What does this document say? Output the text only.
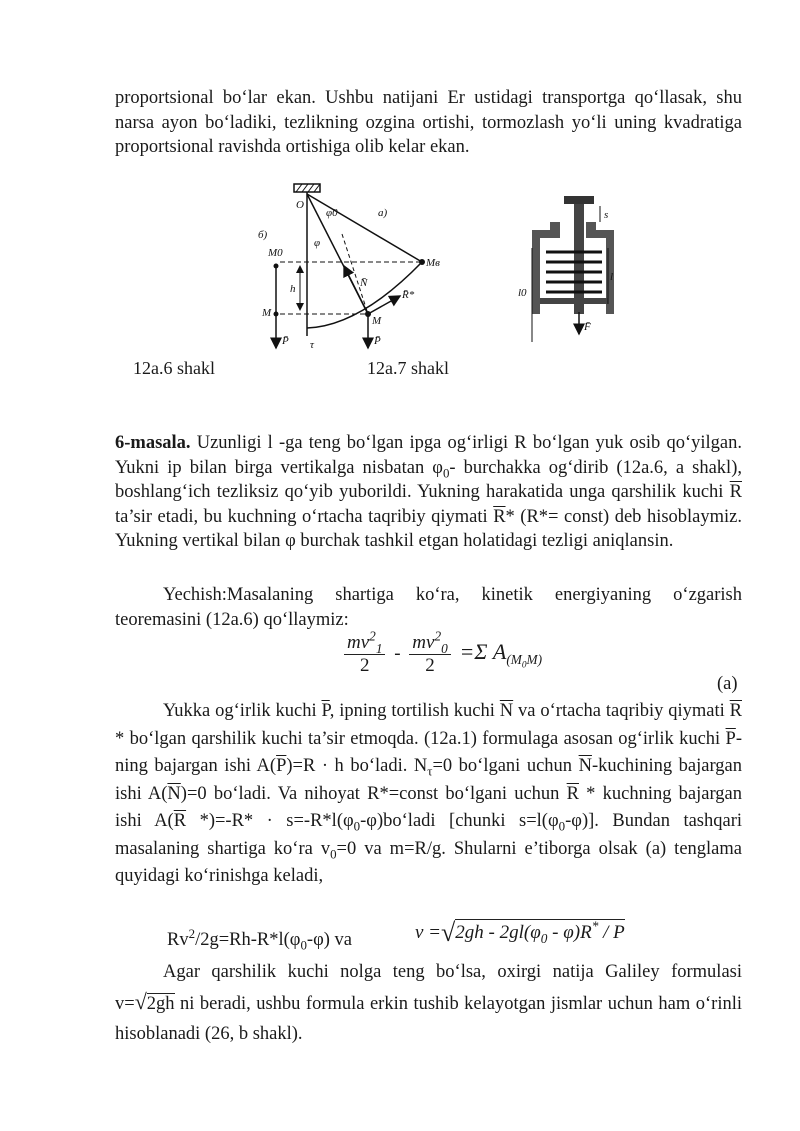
proportsional bo‘lar ekan. Ushbu natijani Er ustidagi transportga qo‘llasak, shu narsa ayon bo‘ladiki, tezlikning ozgina ortishi, tormozlash yo‘li uning kvadratiga proportsional ravishda ortishiga olib kelar ekan.

O
a)
б)
φ0
φ
M0
Mв
M
M
h	N̄
R̄*
P̄
P̄ τ
s
l
l0
F̄
12a.6 shakl	12a.7 shakl

6-masala. Uzunligi l -ga teng bo‘lgan ipga og‘irligi R bo‘lgan yuk osib qo‘yilgan. Yukni ip bilan birga vertikalga nisbatan $\varphi_0-$ burchakka og‘dirib (12a.6, a shakl), boshlang‘ich tezliksiz qo‘yib yuborildi. Yukning harakatida unga qarshilik kuchi $\overline{R}$ ta’sir etadi, bu kuchning o‘rtacha taqribiy qiymati $\overline{R}*$ (R*= const) deb hisoblaymiz. Yukning vertikal bilan φ burchak tashkil etgan holatidagi tezligi aniqlansin.

Yechish:Masalaning shartiga ko‘ra, kinetik energiyaning o‘zgarish teoremasini (12a.6) qo‘llaymiz:

$\frac{mv^2_1}{2} - \frac{mv^2_0}{2} =\Sigma$ $A_{(M_0M)}$
(a)

Yukka og‘irlik kuchi $\overline{P}$, ipning tortilish kuchi $\overline{N}$ va o‘rtacha taqribiy qiymati $\overline{R}$ * bo‘lgan qarshilik kuchi ta’sir etmoqda. (12a.1) formulaga asosan og‘irlik kuchi $\overline{P}$-ning bajargan ishi $A(\overline{P})=R \cdot h$ bo‘ladi. $N_\tau=0$ bo‘lgani uchun $\overline{N}$-kuchining bajargan ishi $A(\overline{N})=0$ bo‘ladi. Va nihoyat R*=const bo‘lgani uchun $\overline{R}$ * kuchning bajargan ishi $A(\overline{R}$ $*)=-R* \cdot s=-R*l(\varphi_0-\varphi)bo‘ladi$ [chunki $s=l(\varphi_0-\varphi)$]. Bundan tashqari masalaning shartiga ko‘ra $v_0=0$ va m=R/g. Shularni e’tiborga olsak (a) tenglama quyidagi ko‘rinishga keladi,

$Rv^2/2g=Rh-R*l(\varphi_0-\varphi)$ va	$v =√2gh - 2gl(\varphi_0 - \varphi)R^* / P$

Agar qarshilik kuchi nolga teng bo‘lsa, oxirgi natija Galiley formulasi v=√2gh ni beradi, ushbu formula erkin tushib kelayotgan jismlar uchun ham o‘rinli hisoblanadi (26, b shakl).
